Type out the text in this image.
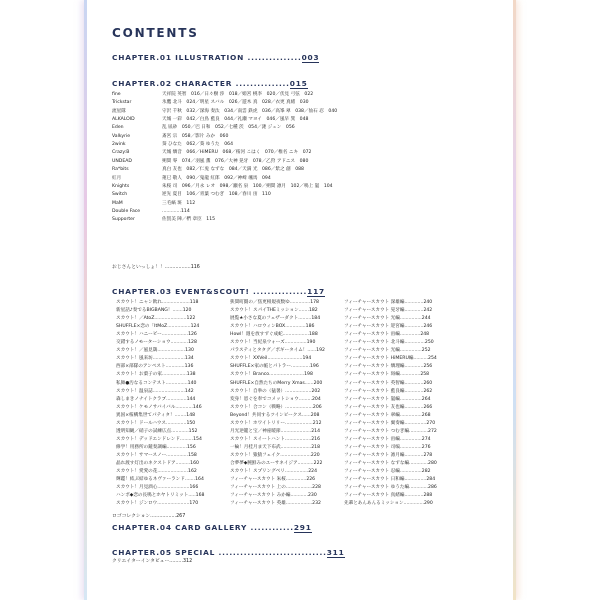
CONTENTS
CHAPTER.01 ILLUSTRATION ...............003
CHAPTER.02 CHARACTER ...............015
fine	天祥院 英智　016／日々樹 渉　018／姫宮 桃李　020／伏見 弓弦　022
Trickstar	氷鷹 北斗　024／明星 スバル　026／遊木 真　028／衣更 真緒　030
流星隊	守沢 千秋　032／深海 奏汰　034／南雲 鉄虎　036／高峯 翠　038／仙石 忍　040
ALKALOID	天城 一彩　042／白鳥 藍良　044／礼瀬 マヨイ　046／風早 巽　048
Eden	乱 凪砂　050／巴 日和　052／七種 茨　054／漣 ジュン　056
Valkyrie	斎宮 宗　058／影片 みか　060
2wink	葵 ひなた　062／葵 ゆうた　064
Crazy:B	天城 燐音　066／HiMERU　068／桜河 こはく　070／椎名 ニキ　072
UNDEAD	朔間 零　074／羽風 薫　076／大神 晃牙　078／乙狩 アドニス　080
Ra*bits	真白 友也　082／仁兎 なずな　084／天満 光　086／紫之 創　088
紅月	蓮巳 敬人　090／鬼龍 紅郎　092／神崎 颯馬　094
Knights	朱桜 司　096／月永 レオ　098／瀬名 泉　100／朔間 凛月　102／鳴上 嵐　104
Switch	逆先 夏目　106／青葉 つむぎ　108／春川 宙　110
MaM	三毛縞 斑　112
Double Face	.............114
Supporter	佐賀美 陣／椚 章臣　115
おじさんといっしょ！！.................116
CHAPTER.03 EVENT&SCOUT! ...............117
スカウト！ニャン飲れ...................118
新星話♪奏でるBIGBANG！.......120
スカウト！／AtoZ......................122
SHUFFLE×恋の「ItMoZ................124
スカウト！ハニービー..................126
交錯するノモーターショウ............128
スカウト！／風見鶏...................130
スカウト！風来坊......................134
西部×部隊のアンペスト.............136
スカウト！お菓子の家.................138
私舞●汚なるコンテスト...............140
スカウト！温泉誌......................142
森しまきノナイトクラブ..............144
スカウト！ケモノサバイバル............146
異国×桜構集世てパティタ！........148
スカウト！ドールハウス..............150
透明知観／硝子の試練広点............152
スカウト！デッドエンドレンド.........154
修学！用務所の鏡奏調編..............156
スカウト！サマースノー...............158
晶れ渡す灯出のネクストドア..........160
スカウト！愛愛の花.....................162
輝鑑！結ぶ結ゆるネヴァーランド.......164
スカウト！月見酒心......................166
ハンポ◆恋の長鳴とホヤトリミット.....168
スカウト！ジンロウ......................170
狭間町闘の／焦更相規夜数ゆ..............178
スカウト！スパイTHEミッション.......182
展覧★小さな夏のフェザーダクト.........184
スカウト！ハロウィンBOX..............186
Howl！週を放すずぐ成蛇..................188
スカウト！当紀泉ウォーズ...............190
パラスティとタタグ／ポギータイム！......192
スカウト！XXVeil........................194
SHUFFLE×家の帳とパトラー.............196
スカウト！Branco........................198
SHUFFLE×自然たちのMerry Xmas......200
スカウト！自拳の（猛暑）..................202
変身！恩ぐを奉でコメットショウ.........204
スカウト！合コン（戦略）...................206
Beyond！共同するツインピークス......208
スカウト！ホワイトリリー...................212
月光逆籠と宝／神座暖節.....................214
スカウト！スイートハント..................216
一輪！月桂月ま天下布武.....................218
スカウト！猿猿フェイク.....................220
合夢夢◆腕鮮みのユーサネイジア...........222
スカウト！スプリングベリ................224
フィーチャースカウト 朱桜..............226
フィーチャースカウト 上の..................228
フィーチャースカウト みか編............230
フィーチャースカウト 英雄..................232
フィーチャースカウト 深雄編.............240
フィーチャースカウト 晃牙編.............242
フィーチャースカウト 光編...............244
フィーチャースカウト 迎宮編.............246
フィーチャースカウト 宙編..............248
フィーチャースカウト 北斗編..............250
フィーチャースカウト 光編...............252
フィーチャースカウト HiMERU編..........254
フィーチャースカウト 燐理編.............256
フィーチャースカウト 斑編..............258
フィーチャースカウト 英智編.............260
フィーチャースカウト 藍良編.............262
フィーチャースカウト 嵐編...............264
フィーチャースカウト 友也編.............266
フィーチャースカウト 翠編...............268
フィーチャースカウト 翼奏編...............270
フィーチャースカウト つむぎ編.............272
フィーチャースカウト 宙編...............274
フィーチャースカウト 司编...............276
フィーチャースカウト 凛月編.............278
フィーチャースカウト なずな編.............280
フィーチャースカウト 忍編...............282
フィーチャースカウト 日和編...............284
フィーチャースカウト ゆうた編.............286
フィーチャースカウト 真緒編.............288
先輩とあんあんるミッション..............290
ロゴコレクション.................267
CHAPTER.04 CARD GALLERY ............291
CHAPTER.05 SPECIAL ..............................311
クリエイターインタビュー.........312
